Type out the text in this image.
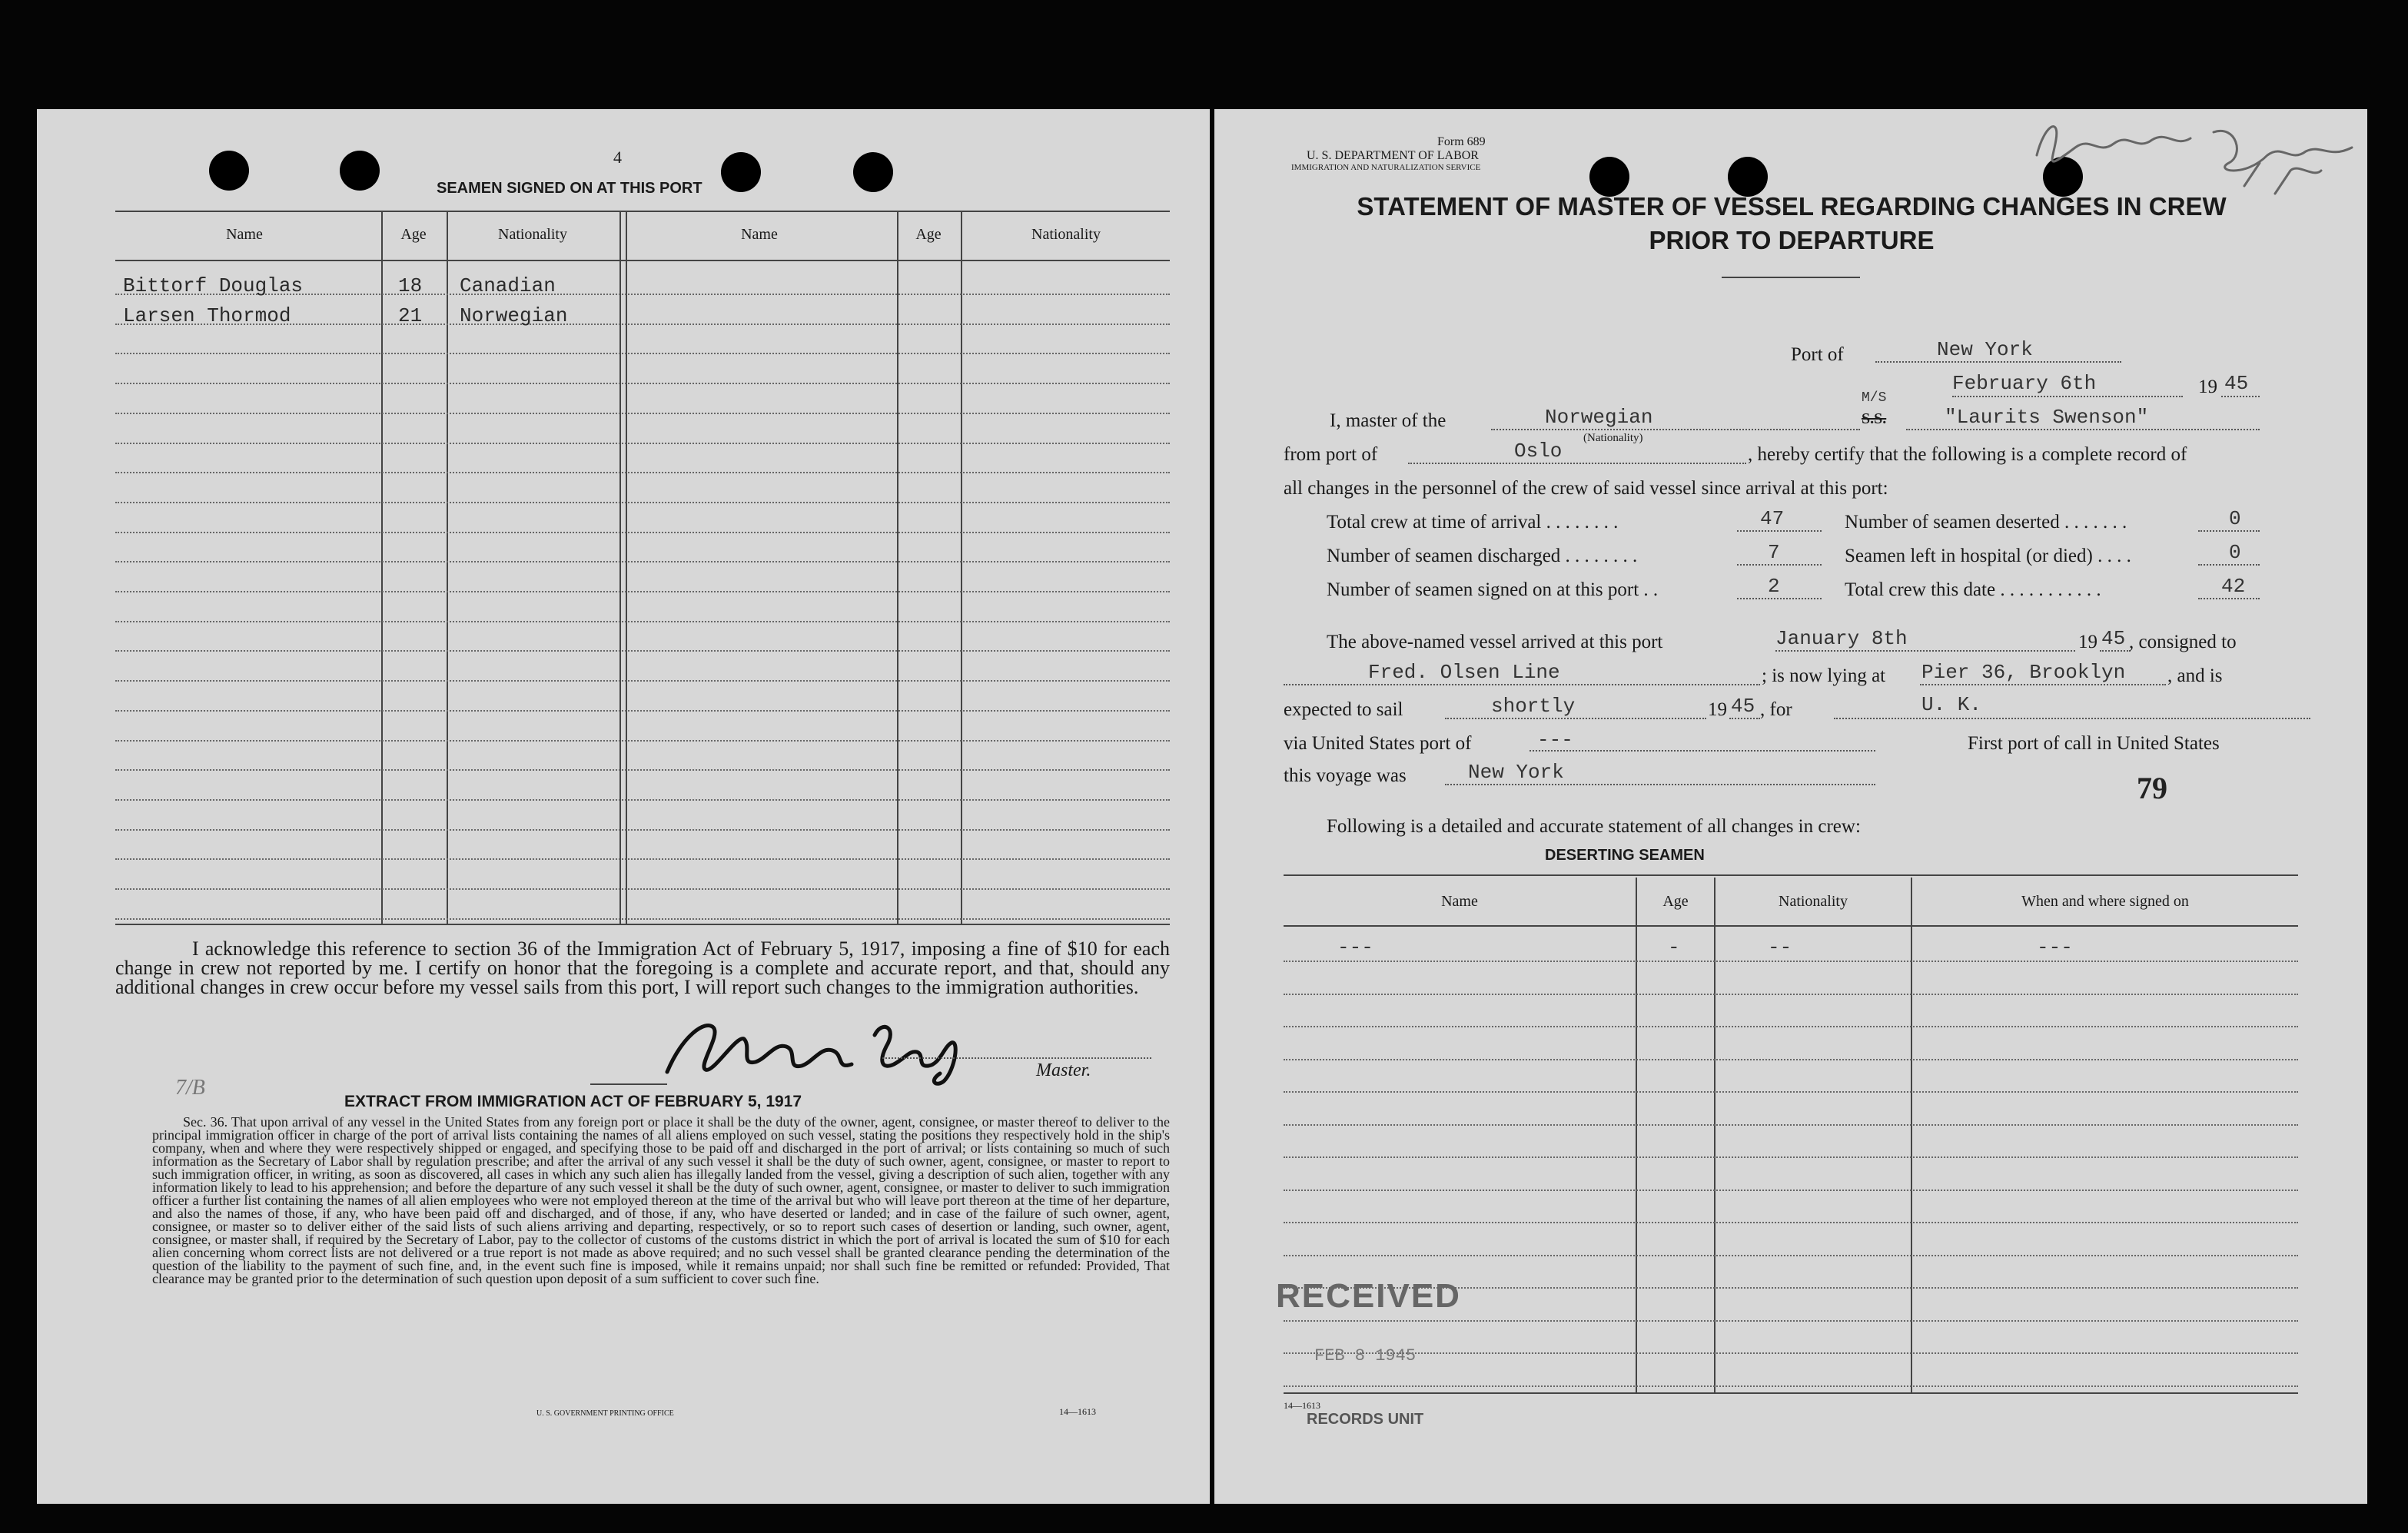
4
SEAMEN SIGNED ON AT THIS PORT
Name	Age	Nationality	Name	Age	Nationality
Bittorf Douglas	18 Canadian
Larsen Thormod	21 Norwegian
I acknowledge this reference to section 36 of the Immigration Act of February 5, 1917, imposing a fine of $10 for each change in crew not reported by me. I certify on honor that the foregoing is a complete and accurate report, and that, should any additional changes in crew occur before my vessel sails from this port, I will report such changes to the immigration authorities.
Master.
7/B
EXTRACT FROM IMMIGRATION ACT OF FEBRUARY 5, 1917
Sec. 36. That upon arrival of any vessel in the United States from any foreign port or place it shall be the duty of the owner, agent, consignee, or master thereof to deliver to the principal immigration officer in charge of the port of arrival lists containing the names of all aliens employed on such vessel, stating the positions they respectively hold in the ship's company, when and where they were respectively shipped or engaged, and specifying those to be paid off and discharged in the port of arrival; or lists containing so much of such information as the Secretary of Labor shall by regulation prescribe; and after the arrival of any such vessel it shall be the duty of such owner, agent, consignee, or master to report to such immigration officer, in writing, as soon as discovered, all cases in which any such alien has illegally landed from the vessel, giving a description of such alien, together with any information likely to lead to his apprehension; and before the departure of any such vessel it shall be the duty of such owner, agent, consignee, or master to deliver to such immigration officer a further list containing the names of all alien employees who were not employed thereon at the time of the arrival but who will leave port thereon at the time of her departure, and also the names of those, if any, who have been paid off and discharged, and of those, if any, who have deserted or landed; and in case of the failure of such owner, agent, consignee, or master so to deliver either of the said lists of such aliens arriving and departing, respectively, or so to report such cases of desertion or landing, such owner, agent, consignee, or master shall, if required by the Secretary of Labor, pay to the collector of customs of the customs district in which the port of arrival is located the sum of $10 for each alien concerning whom correct lists are not delivered or a true report is not made as above required; and no such vessel shall be granted clearance pending the determination of the question of the liability to the payment of such fine, and, in the event such fine is imposed, while it remains unpaid; nor shall such fine be remitted or refunded: Provided, That clearance may be granted prior to the determination of such question upon deposit of a sum sufficient to cover such fine.
U. S. GOVERNMENT PRINTING OFFICE	14—1613
Form 689
U. S. DEPARTMENT OF LABOR
IMMIGRATION AND NATURALIZATION SERVICE
STATEMENT OF MASTER OF VESSEL REGARDING CHANGES IN CREW
PRIOR TO DEPARTURE
Port of	New York
February 6th	19 45
I, master of the	Norwegian
(Nationality)
M/S
S.S.	"Laurits Swenson"
from port of	Oslo	, hereby certify that the following is a complete record of
all changes in the personnel of the crew of said vessel since arrival at this port:
Total crew at time of arrival . . . . . . . .	47
Number of seamen discharged . . . . . . . .	7
Number of seamen signed on at this port . .	2
Number of seamen deserted . . . . . . .	0
Seamen left in hospital (or died) . . . .	0
Total crew this date . . . . . . . . . . .	42
The above-named vessel arrived at this port	January 8th	19 45 , consigned to
Fred. Olsen Line	; is now lying at Pier 36, Brooklyn , and is
expected to sail	shortly	19 45 , for	U. K.
via United States port of	---	First port of call in United States
this voyage was	New York	79
Following is a detailed and accurate statement of all changes in crew:
DESERTING SEAMEN
Name	Age	Nationality	When and where signed on
---	-	--	---
RECEIVED
FEB 8 1945
14—1613
RECORDS UNIT
